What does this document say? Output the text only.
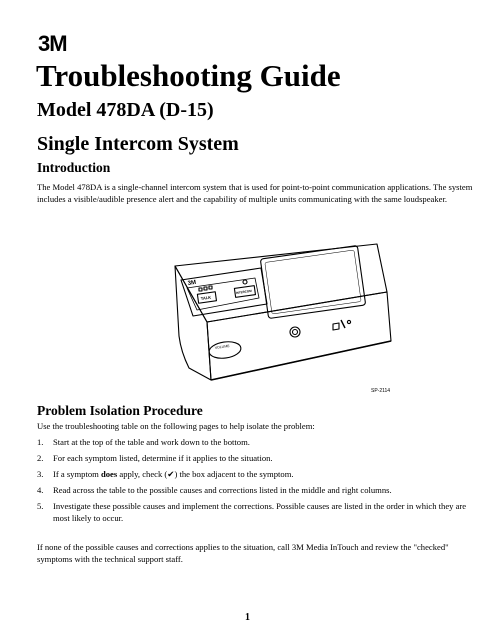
3M
Troubleshooting Guide
Model 478DA (D-15)
Single Intercom System
Introduction

The Model 478DA is a single-channel intercom system that is used for point-to-point communication applications. The system includes a visible/audible presence alert and the capability of multiple units communicating with the same loudspeaker.

3M
TALK
INTERCOM
VOLUME
SP-2114
Problem Isolation Procedure

Use the troubleshooting table on the following pages to help isolate the problem:

1. Start at the top of the table and work down to the bottom.
2. For each symptom listed, determine if it applies to the situation.
3. If a symptom does apply, check (✔) the box adjacent to the symptom.
4. Read across the table to the possible causes and corrections listed in the middle and right columns.
5. Investigate these possible causes and implement the corrections. Possible causes are listed in the order in which they are most likely to occur.

If none of the possible causes and corrections applies to the situation, call 3M Media InTouch and review the "checked" symptoms with the technical support staff.

1
